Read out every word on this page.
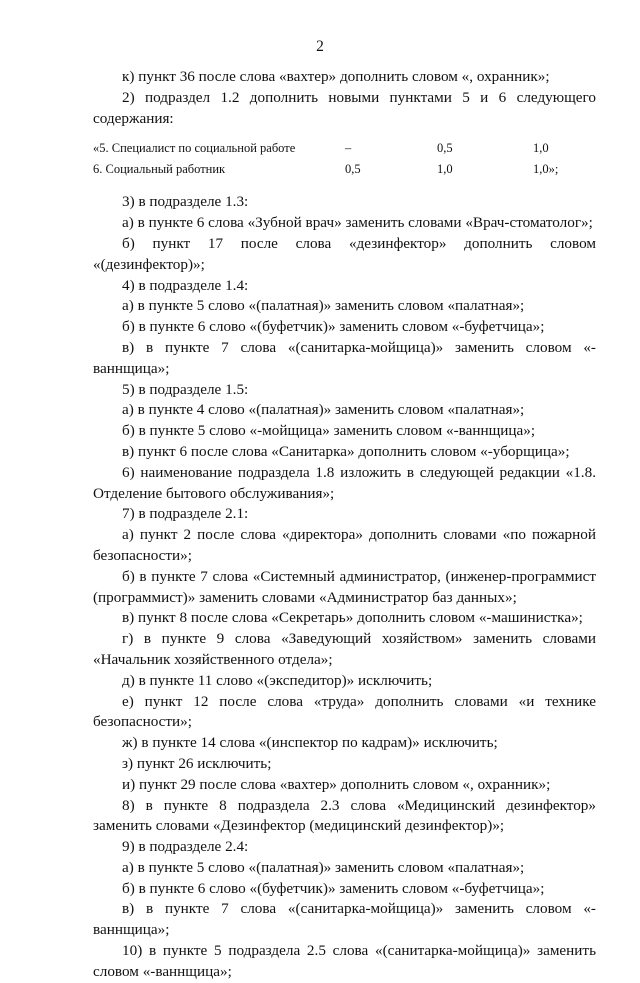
2

к) пункт 36 после слова «вахтер» дополнить словом «, охранник»;

2) подраздел 1.2 дополнить новыми пунктами 5 и 6 следующего содержания:

«5. Специалист по социальной работе	–	0,5	1,0
6. Социальный работник	0,5	1,0	1,0»;

3) в подразделе 1.3:

а) в пункте 6 слова «Зубной врач» заменить словами «Врач-стоматолог»;

б) пункт 17 после слова «дезинфектор» дополнить словом «(дезинфектор)»;

4) в подразделе 1.4:

а) в пункте 5 слово «(палатная)» заменить словом «палатная»;

б) в пункте 6 слово «(буфетчик)» заменить словом «-буфетчица»;

в) в пункте 7 слова «(санитарка-мойщица)» заменить словом «-ваннщица»;

5) в подразделе 1.5:

а) в пункте 4 слово «(палатная)» заменить словом «палатная»;

б) в пункте 5 слово «-мойщица» заменить словом «-ваннщица»;

в) пункт 6 после слова «Санитарка» дополнить словом «-уборщица»;

6) наименование подраздела 1.8 изложить в следующей редакции «1.8. Отделение бытового обслуживания»;

7) в подразделе 2.1:

а) пункт 2 после слова «директора» дополнить словами «по пожарной безопасности»;

б) в пункте 7 слова «Системный администратор, (инженер-программист (программист)» заменить словами «Администратор баз данных»;

в) пункт 8 после слова «Секретарь» дополнить словом «-машинистка»;

г) в пункте 9 слова «Заведующий хозяйством» заменить словами «Начальник хозяйственного отдела»;

д) в пункте 11 слово «(экспедитор)» исключить;

е) пункт 12 после слова «труда» дополнить словами «и технике безопасности»;

ж) в пункте 14 слова «(инспектор по кадрам)» исключить;

з) пункт 26 исключить;

и) пункт 29 после слова «вахтер» дополнить словом «, охранник»;

8) в пункте 8 подраздела 2.3 слова «Медицинский дезинфектор» заменить словами «Дезинфектор (медицинский дезинфектор)»;

9) в подразделе 2.4:

а) в пункте 5 слово «(палатная)» заменить словом «палатная»;

б) в пункте 6 слово «(буфетчик)» заменить словом «-буфетчица»;

в) в пункте 7 слова «(санитарка-мойщица)» заменить словом «-ваннщица»;

10) в пункте 5 подраздела 2.5 слова «(санитарка-мойщица)» заменить словом «-ваннщица»;
